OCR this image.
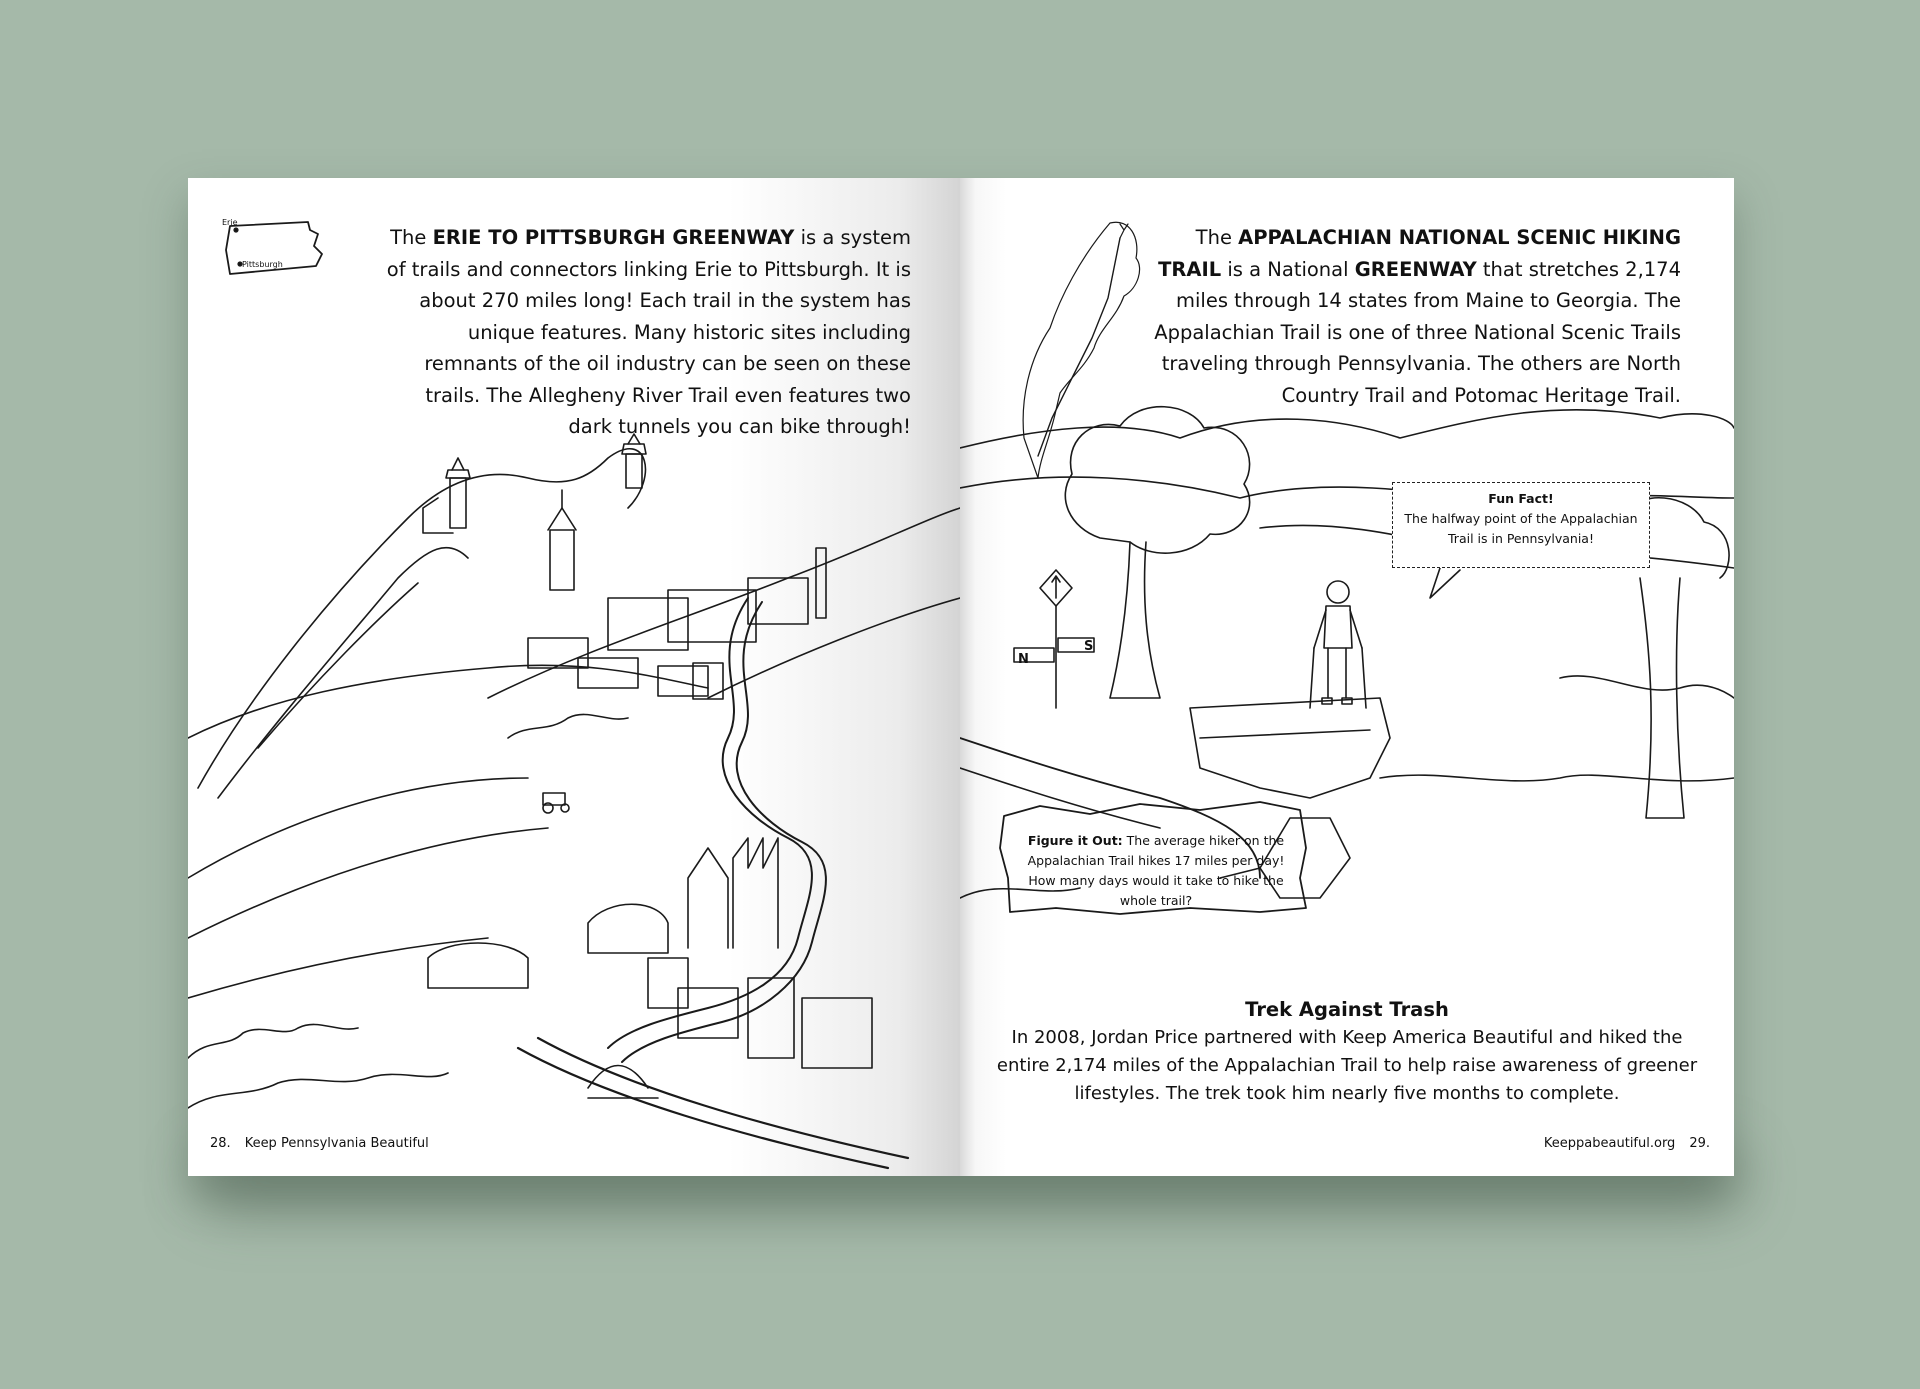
Erie
Pittsburgh
The ERIE TO PITTSBURGH GREENWAY is a system of trails and connectors linking Erie to Pittsburgh. It is about 270 miles long! Each trail in the system has unique features. Many historic sites including remnants of the oil industry can be seen on these trails. The Allegheny River Trail even features two dark tunnels you can bike through!
28. Keep Pennsylvania Beautiful
N
S
The APPALACHIAN NATIONAL SCENIC HIKING TRAIL is a National GREENWAY that stretches 2,174 miles through 14 states from Maine to Georgia. The Appalachian Trail is one of three National Scenic Trails traveling through Pennsylvania. The others are North Country Trail and Potomac Heritage Trail.
Fun Fact!
The halfway point of the Appalachian Trail is in Pennsylvania!
Figure it Out: The average hiker on the Appalachian Trail hikes 17 miles per day! How many days would it take to hike the whole trail?
Trek Against Trash
In 2008, Jordan Price partnered with Keep America Beautiful and hiked the entire 2,174 miles of the Appalachian Trail to help raise awareness of greener lifestyles. The trek took him nearly five months to complete.
Keeppabeautiful.org 29.
